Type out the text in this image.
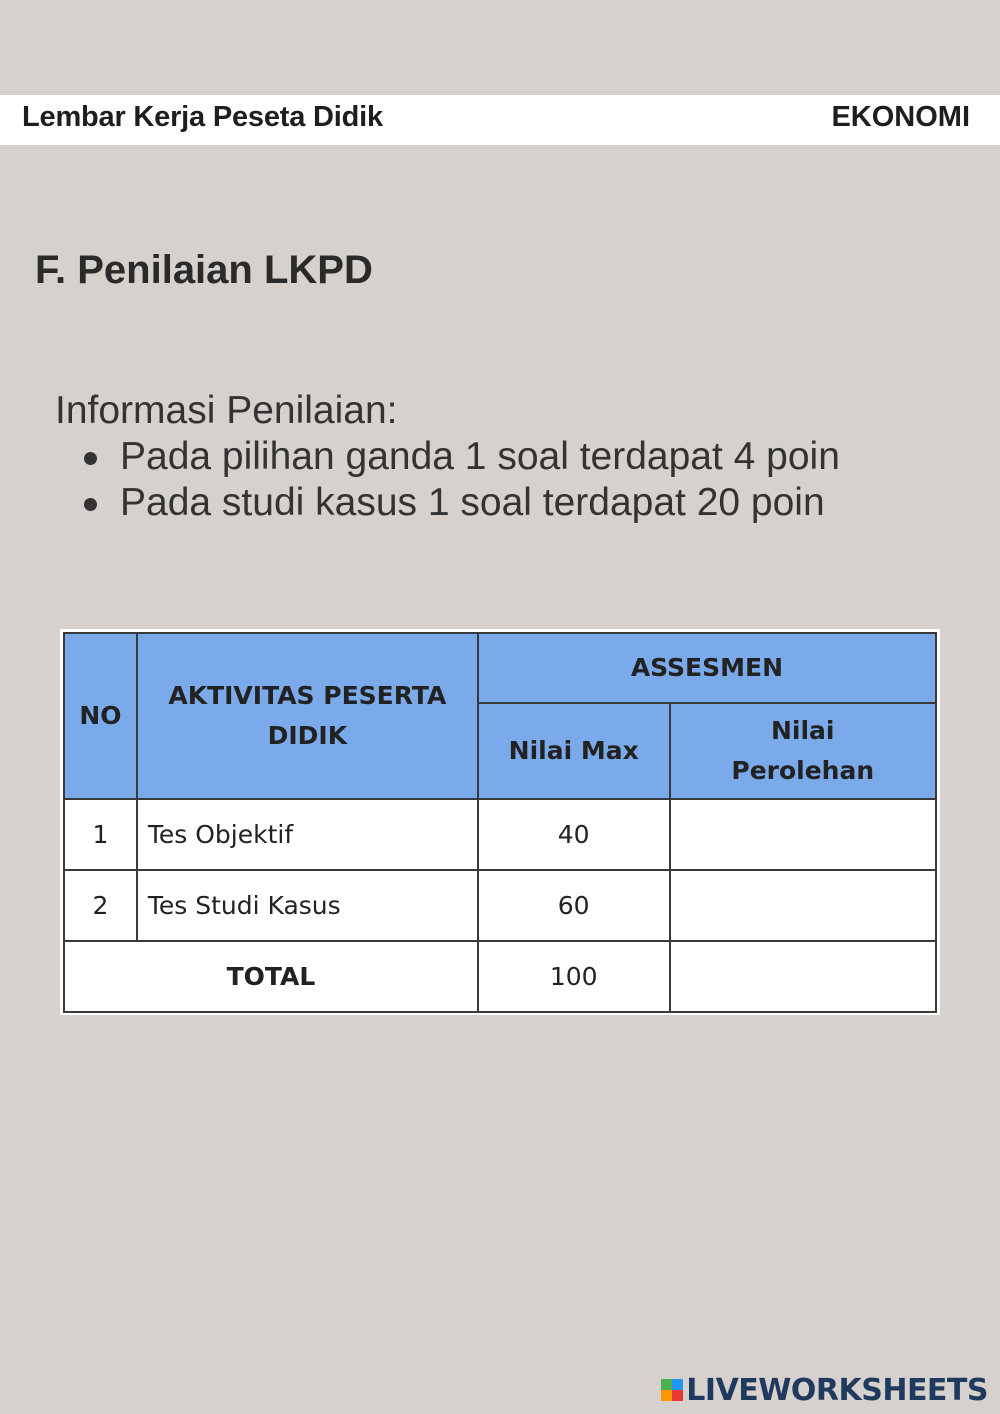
Lembar Kerja Peseta Didik	EKONOMI
F. Penilaian LKPD
Informasi Penilaian:
Pada pilihan ganda 1 soal terdapat 4 poin
Pada studi kasus 1 soal terdapat 20 poin
NO	AKTIVITAS PESERTA DIDIK	ASSESMEN	
		Nilai Max	Nilai Perolehan
1	Tes Objektif	40	
2	Tes Studi Kasus	60	
TOTAL		100	
LIVEWORKSHEETS
